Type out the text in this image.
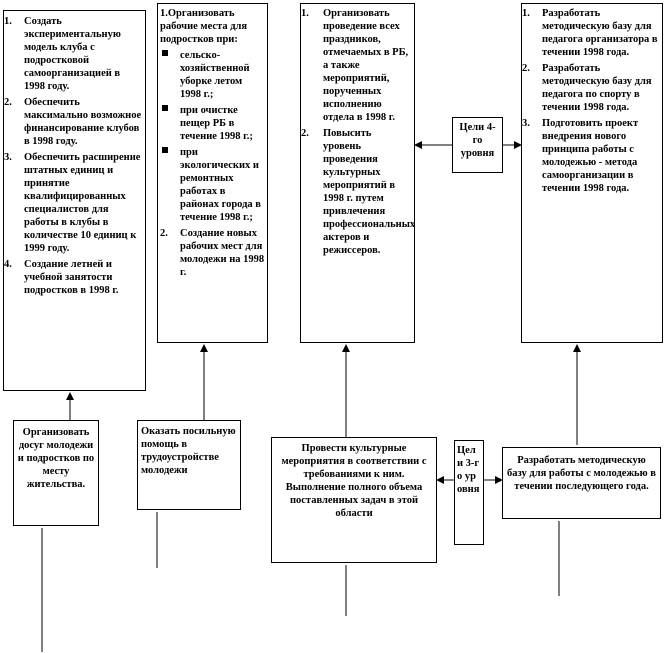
1. Создать экспериментальную модель клуба с подростковой самоорганизацией в 1998 году.
2. Обеспечить максимально возможное финансирование клубов в 1998 году.
3. Обеспечить расширение штатных единиц и принятие квалифицированных специалистов для работы в клубы в количестве 10 единиц к 1999 году.
4. Создание летней и учебной занятости подростков в 1998 г.
1.Организовать рабочие места для подростков при:
сельско-хозяйственной уборке летом 1998 г.;
при очистке пещер РБ в течение 1998 г.;
при экологических и ремонтных работах в районах города в течение 1998 г.;
2. Создание новых рабочих мест для молодежи на 1998 г.
1. Организовать проведение всех праздников, отмечаемых в РБ, а также мероприятий, порученных исполнению отдела в 1998 г.
2. Повысить уровень проведения культурных мероприятий в 1998 г. путем привлечения профессиональных актеров и режиссеров.
Цели 4-го уровня
1. Разработать методическую базу для педагога организатора в течении 1998 года.
2. Разработать методическую базу для педагога по спорту в течении 1998 года.
3. Подготовить проект внедрения нового принципа работы с молодежью - метода самоорганизации в течении 1998 года.
Организовать досуг молодежи и подростков по месту жительства.
Оказать посильную помощь в трудоустройстве молодежи
Провести культурные мероприятия в соответствии с требованиями к ним. Выполнение полного объема поставленных задач в этой области
Цели 3-го уровня
Разработать методическую базу для работы с молодежью в течении последующего года.
